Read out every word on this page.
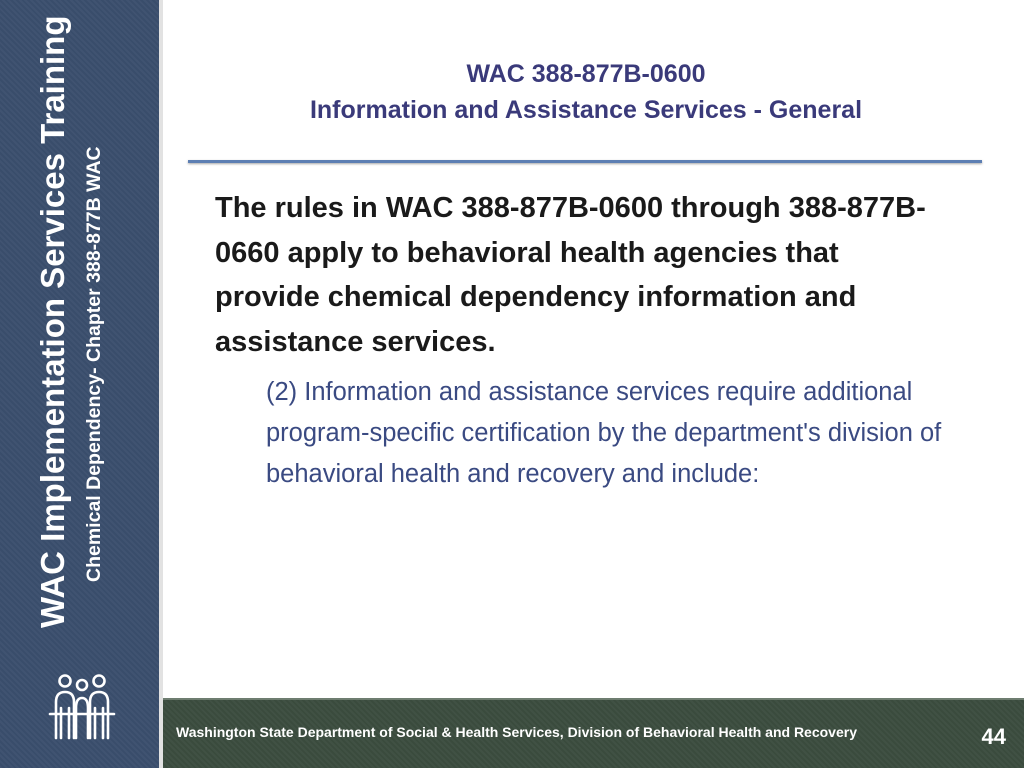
WAC Implementation Services Training Chemical Dependency- Chapter 388-877B WAC
WAC 388-877B-0600
Information and Assistance Services - General
The rules in WAC 388-877B-0600 through 388-877B-0660 apply to behavioral health agencies that provide chemical dependency information and assistance services.
(2) Information and assistance services require additional program-specific certification by the department's division of behavioral health and recovery and include:
Washington State Department of Social & Health Services, Division of Behavioral Health and Recovery	44
